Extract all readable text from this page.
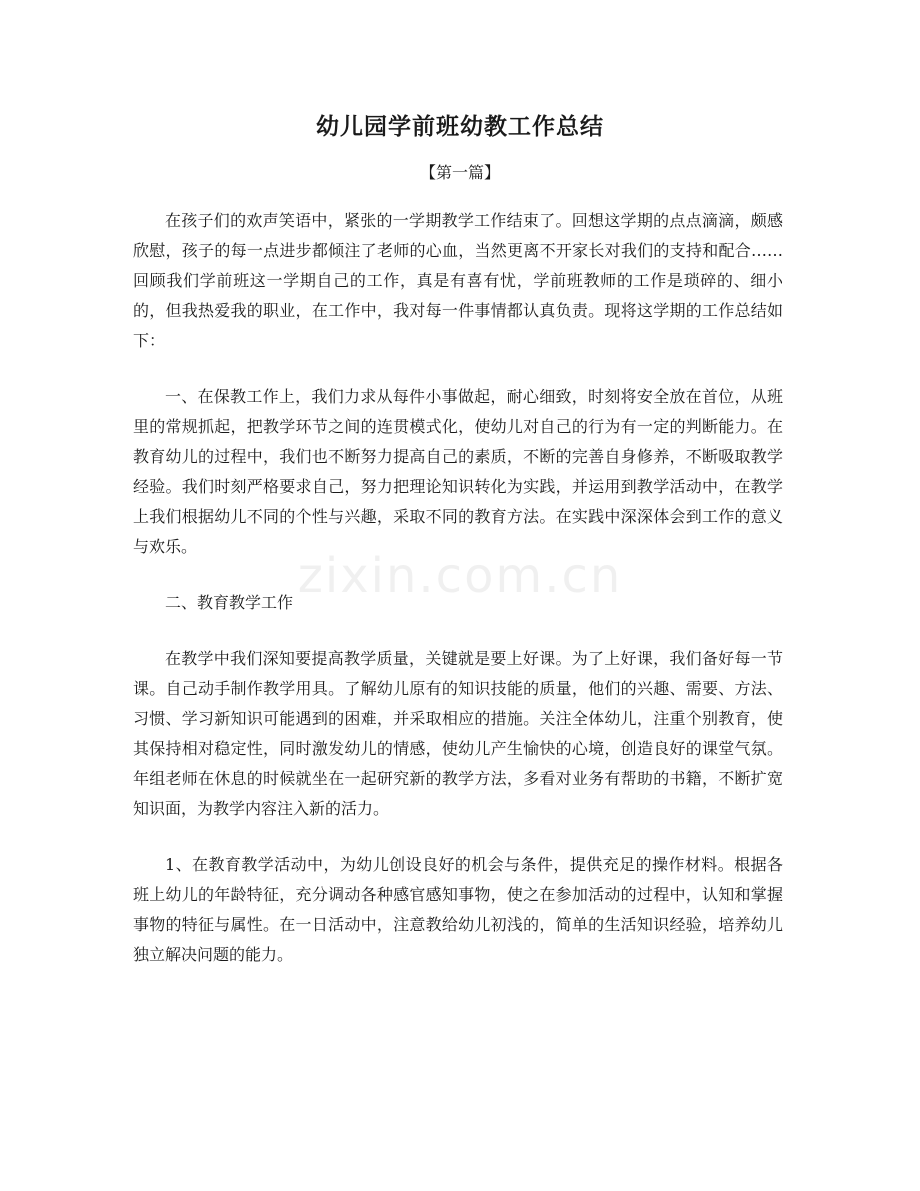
幼儿园学前班幼教工作总结
【第一篇】

在孩子们的欢声笑语中，紧张的一学期教学工作结束了。回想这学期的点点滴滴，颇感欣慰，孩子的每一点进步都倾注了老师的心血，当然更离不开家长对我们的支持和配合……回顾我们学前班这一学期自己的工作，真是有喜有忧，学前班教师的工作是琐碎的、细小的，但我热爱我的职业，在工作中，我对每一件事情都认真负责。现将这学期的工作总结如下：

一、在保教工作上，我们力求从每件小事做起，耐心细致，时刻将安全放在首位，从班里的常规抓起，把教学环节之间的连贯模式化，使幼儿对自己的行为有一定的判断能力。在教育幼儿的过程中，我们也不断努力提高自己的素质，不断的完善自身修养，不断吸取教学经验。我们时刻严格要求自己，努力把理论知识转化为实践，并运用到教学活动中，在教学上我们根据幼儿不同的个性与兴趣，采取不同的教育方法。在实践中深深体会到工作的意义与欢乐。

二、教育教学工作

在教学中我们深知要提高教学质量，关键就是要上好课。为了上好课，我们备好每一节课。自己动手制作教学用具。了解幼儿原有的知识技能的质量，他们的兴趣、需要、方法、习惯、学习新知识可能遇到的困难，并采取相应的措施。关注全体幼儿，注重个别教育，使其保持相对稳定性，同时激发幼儿的情感，使幼儿产生愉快的心境，创造良好的课堂气氛。年组老师在休息的时候就坐在一起研究新的教学方法，多看对业务有帮助的书籍，不断扩宽知识面，为教学内容注入新的活力。

1、在教育教学活动中，为幼儿创设良好的机会与条件，提供充足的操作材料。根据各班上幼儿的年龄特征，充分调动各种感官感知事物，使之在参加活动的过程中，认知和掌握事物的特征与属性。在一日活动中，注意教给幼儿初浅的，简单的生活知识经验，培养幼儿独立解决问题的能力。

zixin.com.cn
